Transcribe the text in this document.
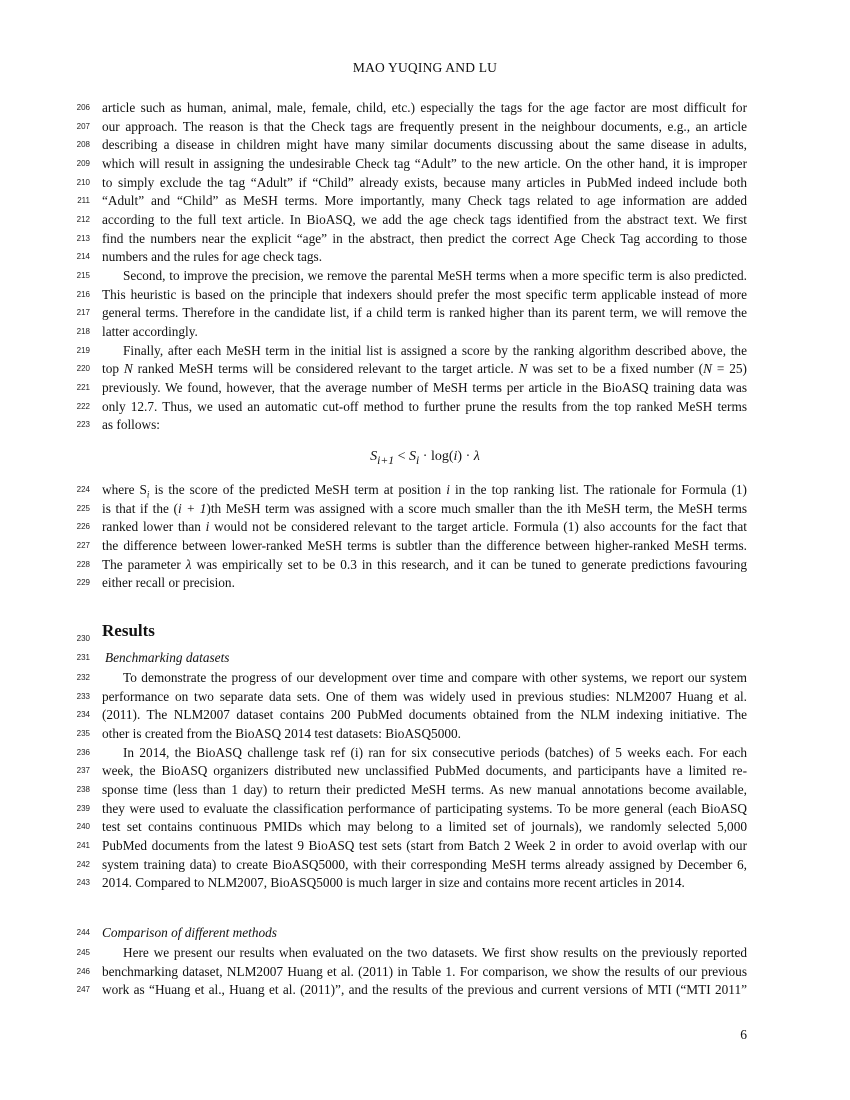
MAO YUQING AND LU
206 article such as human, animal, male, female, child, etc.) especially the tags for the age factor are most difficult for
207 our approach. The reason is that the Check tags are frequently present in the neighbour documents, e.g., an article
208 describing a disease in children might have many similar documents discussing about the same disease in adults,
209 which will result in assigning the undesirable Check tag “Adult” to the new article. On the other hand, it is improper
210 to simply exclude the tag “Adult” if “Child” already exists, because many articles in PubMed indeed include both
211 “Adult” and “Child” as MeSH terms. More importantly, many Check tags related to age information are added
212 according to the full text article. In BioASQ, we add the age check tags identified from the abstract text. We first
213 find the numbers near the explicit “age” in the abstract, then predict the correct Age Check Tag according to those
214 numbers and the rules for age check tags.
215	Second, to improve the precision, we remove the parental MeSH terms when a more specific term is also predicted.
216 This heuristic is based on the principle that indexers should prefer the most specific term applicable instead of more
217 general terms. Therefore in the candidate list, if a child term is ranked higher than its parent term, we will remove the
218 latter accordingly.
219	Finally, after each MeSH term in the initial list is assigned a score by the ranking algorithm described above, the
220 top N ranked MeSH terms will be considered relevant to the target article. N was set to be a fixed number (N = 25)
221 previously. We found, however, that the average number of MeSH terms per article in the BioASQ training data was
222 only 12.7. Thus, we used an automatic cut-off method to further prune the results from the top ranked MeSH terms
223 as follows:
224 where $S_i$ is the score of the predicted MeSH term at position i in the top ranking list. The rationale for Formula (1)
225 is that if the (i + 1)th MeSH term was assigned with a score much smaller than the ith MeSH term, the MeSH terms
226 ranked lower than i would not be considered relevant to the target article. Formula (1) also accounts for the fact that
227 the difference between lower-ranked MeSH terms is subtler than the difference between higher-ranked MeSH terms.
228 The parameter λ was empirically set to be 0.3 in this research, and it can be tuned to generate predictions favouring
229 either recall or precision.
230 Results
231 Benchmarking datasets
232	To demonstrate the progress of our development over time and compare with other systems, we report our system
233 performance on two separate data sets. One of them was widely used in previous studies: NLM2007 Huang et al.
234 (2011). The NLM2007 dataset contains 200 PubMed documents obtained from the NLM indexing initiative. The
235 other is created from the BioASQ 2014 test datasets: BioASQ5000.
236	In 2014, the BioASQ challenge task ref (i) ran for six consecutive periods (batches) of 5 weeks each. For each
237 week, the BioASQ organizers distributed new unclassified PubMed documents, and participants have a limited re-
238 sponse time (less than 1 day) to return their predicted MeSH terms. As new manual annotations become available,
239 they were used to evaluate the classification performance of participating systems. To be more general (each BioASQ
240 test set contains continuous PMIDs which may belong to a limited set of journals), we randomly selected 5,000
241 PubMed documents from the latest 9 BioASQ test sets (start from Batch 2 Week 2 in order to avoid overlap with our
242 system training data) to create BioASQ5000, with their corresponding MeSH terms already assigned by December 6,
243 2014. Compared to NLM2007, BioASQ5000 is much larger in size and contains more recent articles in 2014.
244 Comparison of different methods
245	Here we present our results when evaluated on the two datasets. We first show results on the previously reported
246 benchmarking dataset, NLM2007 Huang et al. (2011) in Table 1. For comparison, we show the results of our previous
247 work as “Huang et al., Huang et al. (2011)”, and the results of the previous and current versions of MTI (“MTI 2011”
$S_{i+1} < S_i \cdot \log(i) \cdot \lambda$
6
